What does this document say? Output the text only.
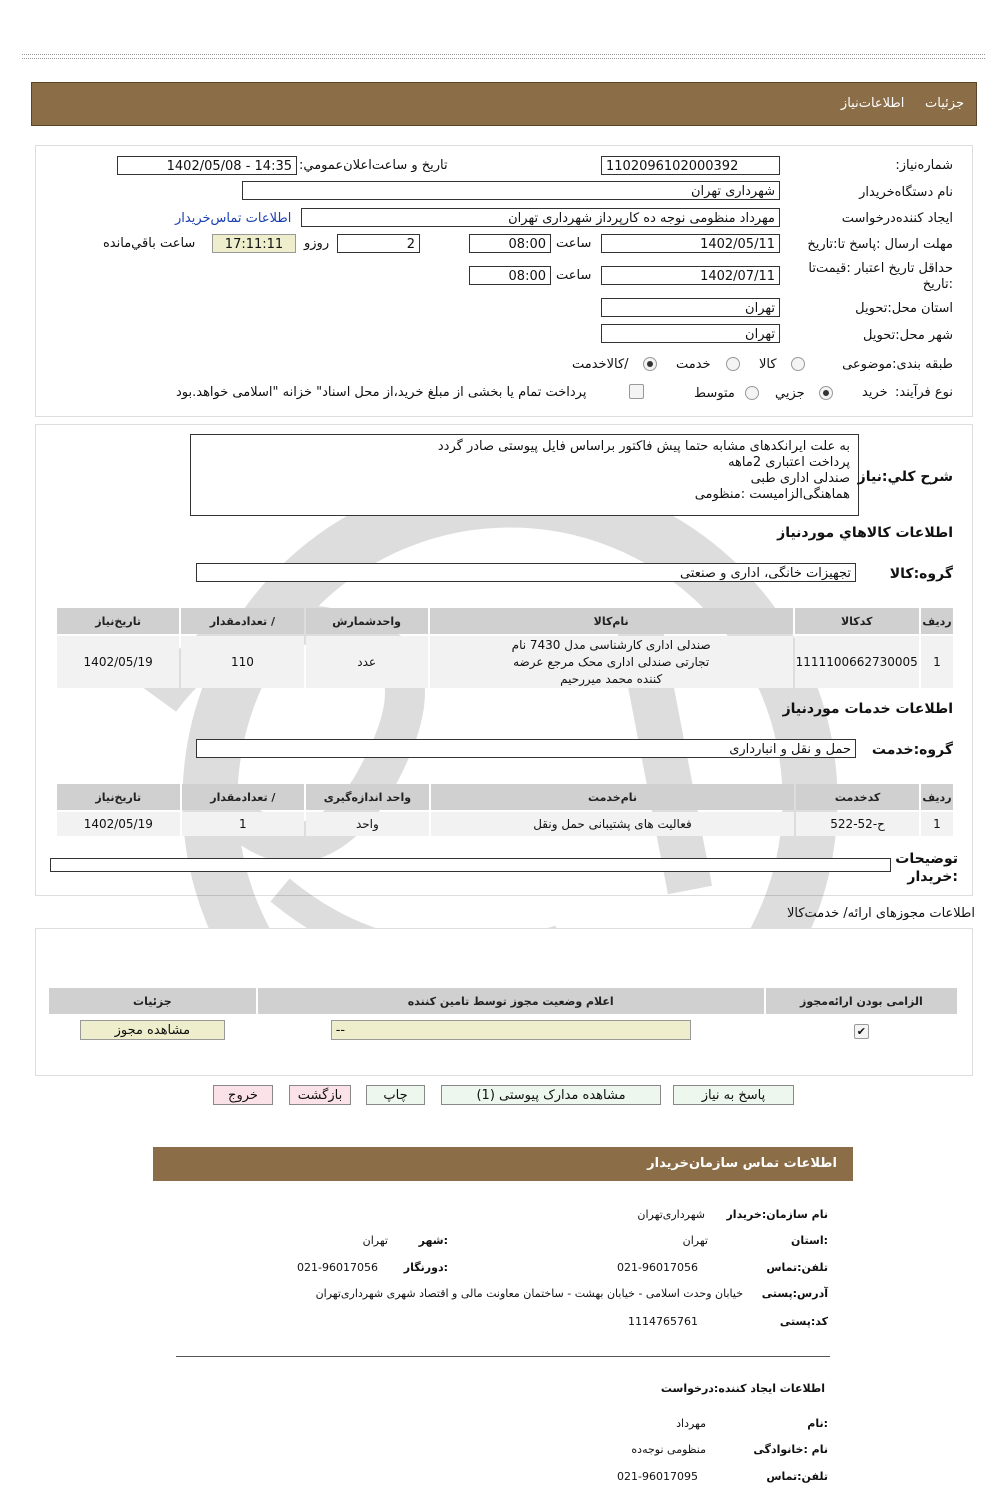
جزئیات     اطلاعات‌نیاز
شماره‌نیاز:
1102096102000392
تاریخ و ساعت‌اعلان‌عمومي:
1402/05/08 - 14:35
نام دستگاه‌خریدار
شهرداری تهران
ایجاد کننده‌درخواست
مهرداد منظومی نوجه ده کارپرداز شهرداری تهران
اطلاعات تماس‌خریدار
مهلت ارسال :پاسخ تا:تاریخ
1402/05/11
ساعت
08:00
2
روزو
17:11:11
ساعت باقي‌مانده
حداقل تاریخ اعتبار :قیمت‌تا
:تاریخ
1402/07/11
ساعت
08:00
استان محل:تحویل
تهران
شهر محل:تحویل
تهران
طبقه بندی:موضوعی
کالا
خدمت
/کالاخدمت
نوع فرآیند:
خرید
جزيي
متوسط
پرداخت تمام یا بخشی از مبلغ خرید،از محل اسناد" خزانه "اسلامی خواهد.بود
به علت ایرانکدهای مشابه حتما پیش فاکتور براساس فایل پیوستی صادر گردد
پرداخت اعتباری 2ماهه
صندلی اداری طبی
هماهنگی‌الزامیست :منظومی
شرح کلي:نیاز
اطلاعات کالاهاي موردنیاز
گروه:کالا
تجهیزات خانگی، اداری و صنعتی
ردیف	کدکالا	نام‌کالا	واحدشمارش	/ تعدادمقدار	تاریخ‌نیاز
1	1111100662730005	صندلی اداری کارشناسی مدل 7430 نام تجارتی صندلی اداری محک مرجع عرضه کننده محمد میررحیم	عدد	110	1402/05/19
اطلاعات خدمات موردنیاز
گروه:خدمت
حمل و نقل و انبارداری
ردیف	کدخدمت	نام‌خدمت	واحد اندازه‌گیری	/ تعدادمقدار	تاریخ‌نیاز
1	ح-52-522	فعالیت های پشتیبانی حمل ونقل	واحد	1	1402/05/19
توضیحات :خریدار
اطلاعات مجوزهای ارائه/ خدمت‌کالا
الزامی بودن ارائه‌مجوز	اعلام وضعیت مجوز توسط تامین کننده	جزئیات
✔	--	مشاهده مجوز
پاسخ به نیاز
مشاهده مدارک پیوستی (1)
چاپ
بازگشت
خروج
اطلاعات تماس سازمان‌خریدار
نام سازمان:خریدار
شهرداری‌تهران
:استان
تهران
:شهر
تهران
تلفن:تماس
021-96017056
:دورنگار
021-96017056
آدرس:پستی
خیابان وحدت اسلامی - خیابان بهشت - ساختمان معاونت مالی و اقتصاد شهری شهرداری‌تهران
کد:پستی
1114765761
اطلاعات ایجاد کننده:درخواست
:نام
مهرداد
نام :خانوادگی
منظومی نوجه‌ده
تلفن:تماس
021-96017095
